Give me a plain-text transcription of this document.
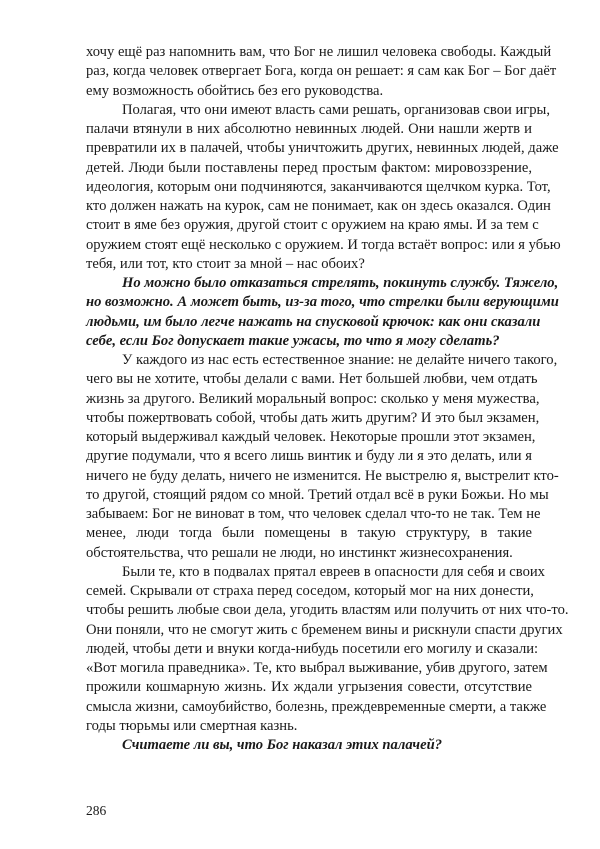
хочу ещё раз напомнить вам, что Бог не лишил человека свободы. Каждый
раз, когда человек отвергает Бога, когда он решает: я сам как Бог – Бог даёт
ему возможность обойтись без его руководства.
Полагая, что они имеют власть сами решать, организовав свои игры,
палачи втянули в них абсолютно невинных людей. Они нашли жертв и
превратили их в палачей, чтобы уничтожить других, невинных людей, даже
детей. Люди были поставлены перед простым фактом: мировоззрение,
идеология, которым они подчиняются, заканчиваются щелчком курка. Тот,
кто должен нажать на курок, сам не понимает, как он здесь оказался. Один
стоит в яме без оружия, другой стоит с оружием на краю ямы. И за тем с
оружием стоят ещё несколько с оружием. И тогда встаёт вопрос: или я убью
тебя, или тот, кто стоит за мной – нас обоих?
Но можно было отказаться стрелять, покинуть службу. Тяжело,
но возможно. А может быть, из-за того, что стрелки были верующими
людьми, им было легче нажать на спусковой крючок: как они сказали
себе, если Бог допускает такие ужасы, то что я могу сделать?
У каждого из нас есть естественное знание: не делайте ничего такого,
чего вы не хотите, чтобы делали с вами. Нет большей любви, чем отдать
жизнь за другого. Великий моральный вопрос: сколько у меня мужества,
чтобы пожертвовать собой, чтобы дать жить другим? И это был экзамен,
который выдерживал каждый человек. Некоторые прошли этот экзамен,
другие подумали, что я всего лишь винтик и буду ли я это делать, или я
ничего не буду делать, ничего не изменится. Не выстрелю я, выстрелит кто-
то другой, стоящий рядом со мной. Третий отдал всё в руки Божьи. Но мы
забываем: Бог не виноват в том, что человек сделал что-то не так. Тем не
менее, люди тогда были помещены в такую структуру, в такие
обстоятельства, что решали не люди, но инстинкт жизнесохранения.
Были те, кто в подвалах прятал евреев в опасности для себя и своих
семей. Скрывали от страха перед соседом, который мог на них донести,
чтобы решить любые свои дела, угодить властям или получить от них что-то.
Они поняли, что не смогут жить с бременем вины и рискнули спасти других
людей, чтобы дети и внуки когда-нибудь посетили его могилу и сказали:
«Вот могила праведника». Те, кто выбрал выживание, убив другого, затем
прожили кошмарную жизнь. Их ждали угрызения совести, отсутствие
смысла жизни, самоубийство, болезнь, преждевременные смерти, а также
годы тюрьмы или смертная казнь.
Считаете ли вы, что Бог наказал этих палачей?
286
